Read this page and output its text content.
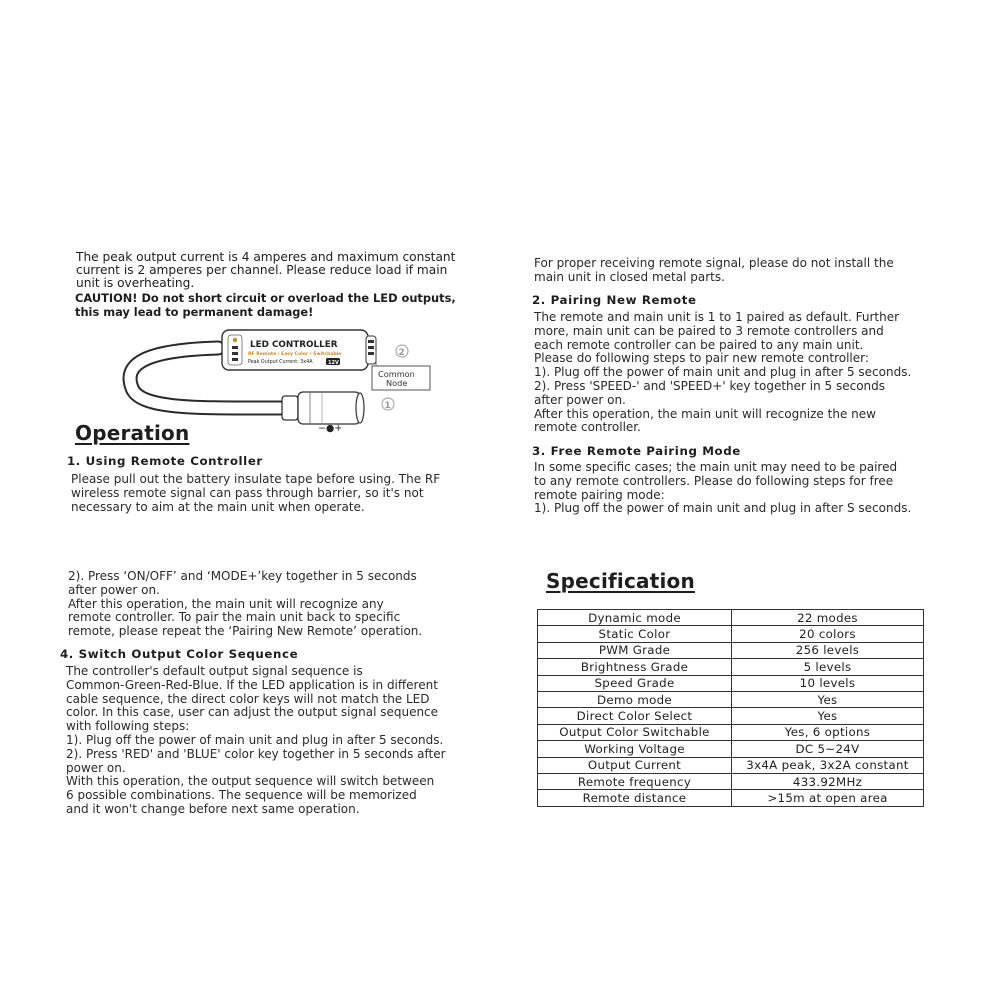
The peak output current is 4 amperes and maximum constant

current is 2 amperes per channel. Please reduce load if main

unit is overheating.

CAUTION! Do not short circuit or overload the LED outputs,
this may lead to permanent damage!
LED CONTROLLER
RF Remote / Easy Color / Switchable
Peak Output Current: 3x4A	12V
2
Common
Node
1
−●+
Operation

1. Using Remote Controller

Please pull out the battery insulate tape before using. The RF

wireless remote signal can pass through barrier, so it's not

necessary to aim at the main unit when operate.

2). Press ‘ON/OFF’ and ‘MODE+’key together in 5 seconds

after power on.

After this operation, the main unit will recognize any

remote controller. To pair the main unit back to specific

remote, please repeat the ‘Pairing New Remote’ operation.

4. Switch Output Color Sequence

The controller's default output signal sequence is

Common-Green-Red-Blue. If the LED application is in different

cable sequence, the direct color keys will not match the LED

color. In this case, user can adjust the output signal sequence

with following steps:

1). Plug off the power of main unit and plug in after 5 seconds.

2). Press 'RED' and 'BLUE' color key together in 5 seconds after

power on.

With this operation, the output sequence will switch between

6 possible combinations. The sequence will be memorized

and it won't change before next same operation.

For proper receiving remote signal, please do not install the

main unit in closed metal parts.

2. Pairing New Remote

The remote and main unit is 1 to 1 paired as default. Further

more, main unit can be paired to 3 remote controllers and

each remote controller can be paired to any main unit.

Please do following steps to pair new remote controller:

1). Plug off the power of main unit and plug in after 5 seconds.

2). Press 'SPEED-' and 'SPEED+' key together in 5 seconds

after power on.

After this operation, the main unit will recognize the new

remote controller.

3. Free Remote Pairing Mode

In some specific cases; the main unit may need to be paired

to any remote controllers. Please do following steps for free

remote pairing mode:

1). Plug off the power of main unit and plug in after S seconds.

Specification
Dynamic mode	22 modes
Static Color	20 colors
PWM Grade	256 levels
Brightness Grade	5 levels
Speed Grade	10 levels
Demo mode	Yes
Direct Color Select	Yes
Output Color Switchable	Yes, 6 options
Working Voltage	DC 5~24V
Output Current	3x4A peak, 3x2A constant
Remote frequency	433.92MHz
Remote distance	>15m at open area
